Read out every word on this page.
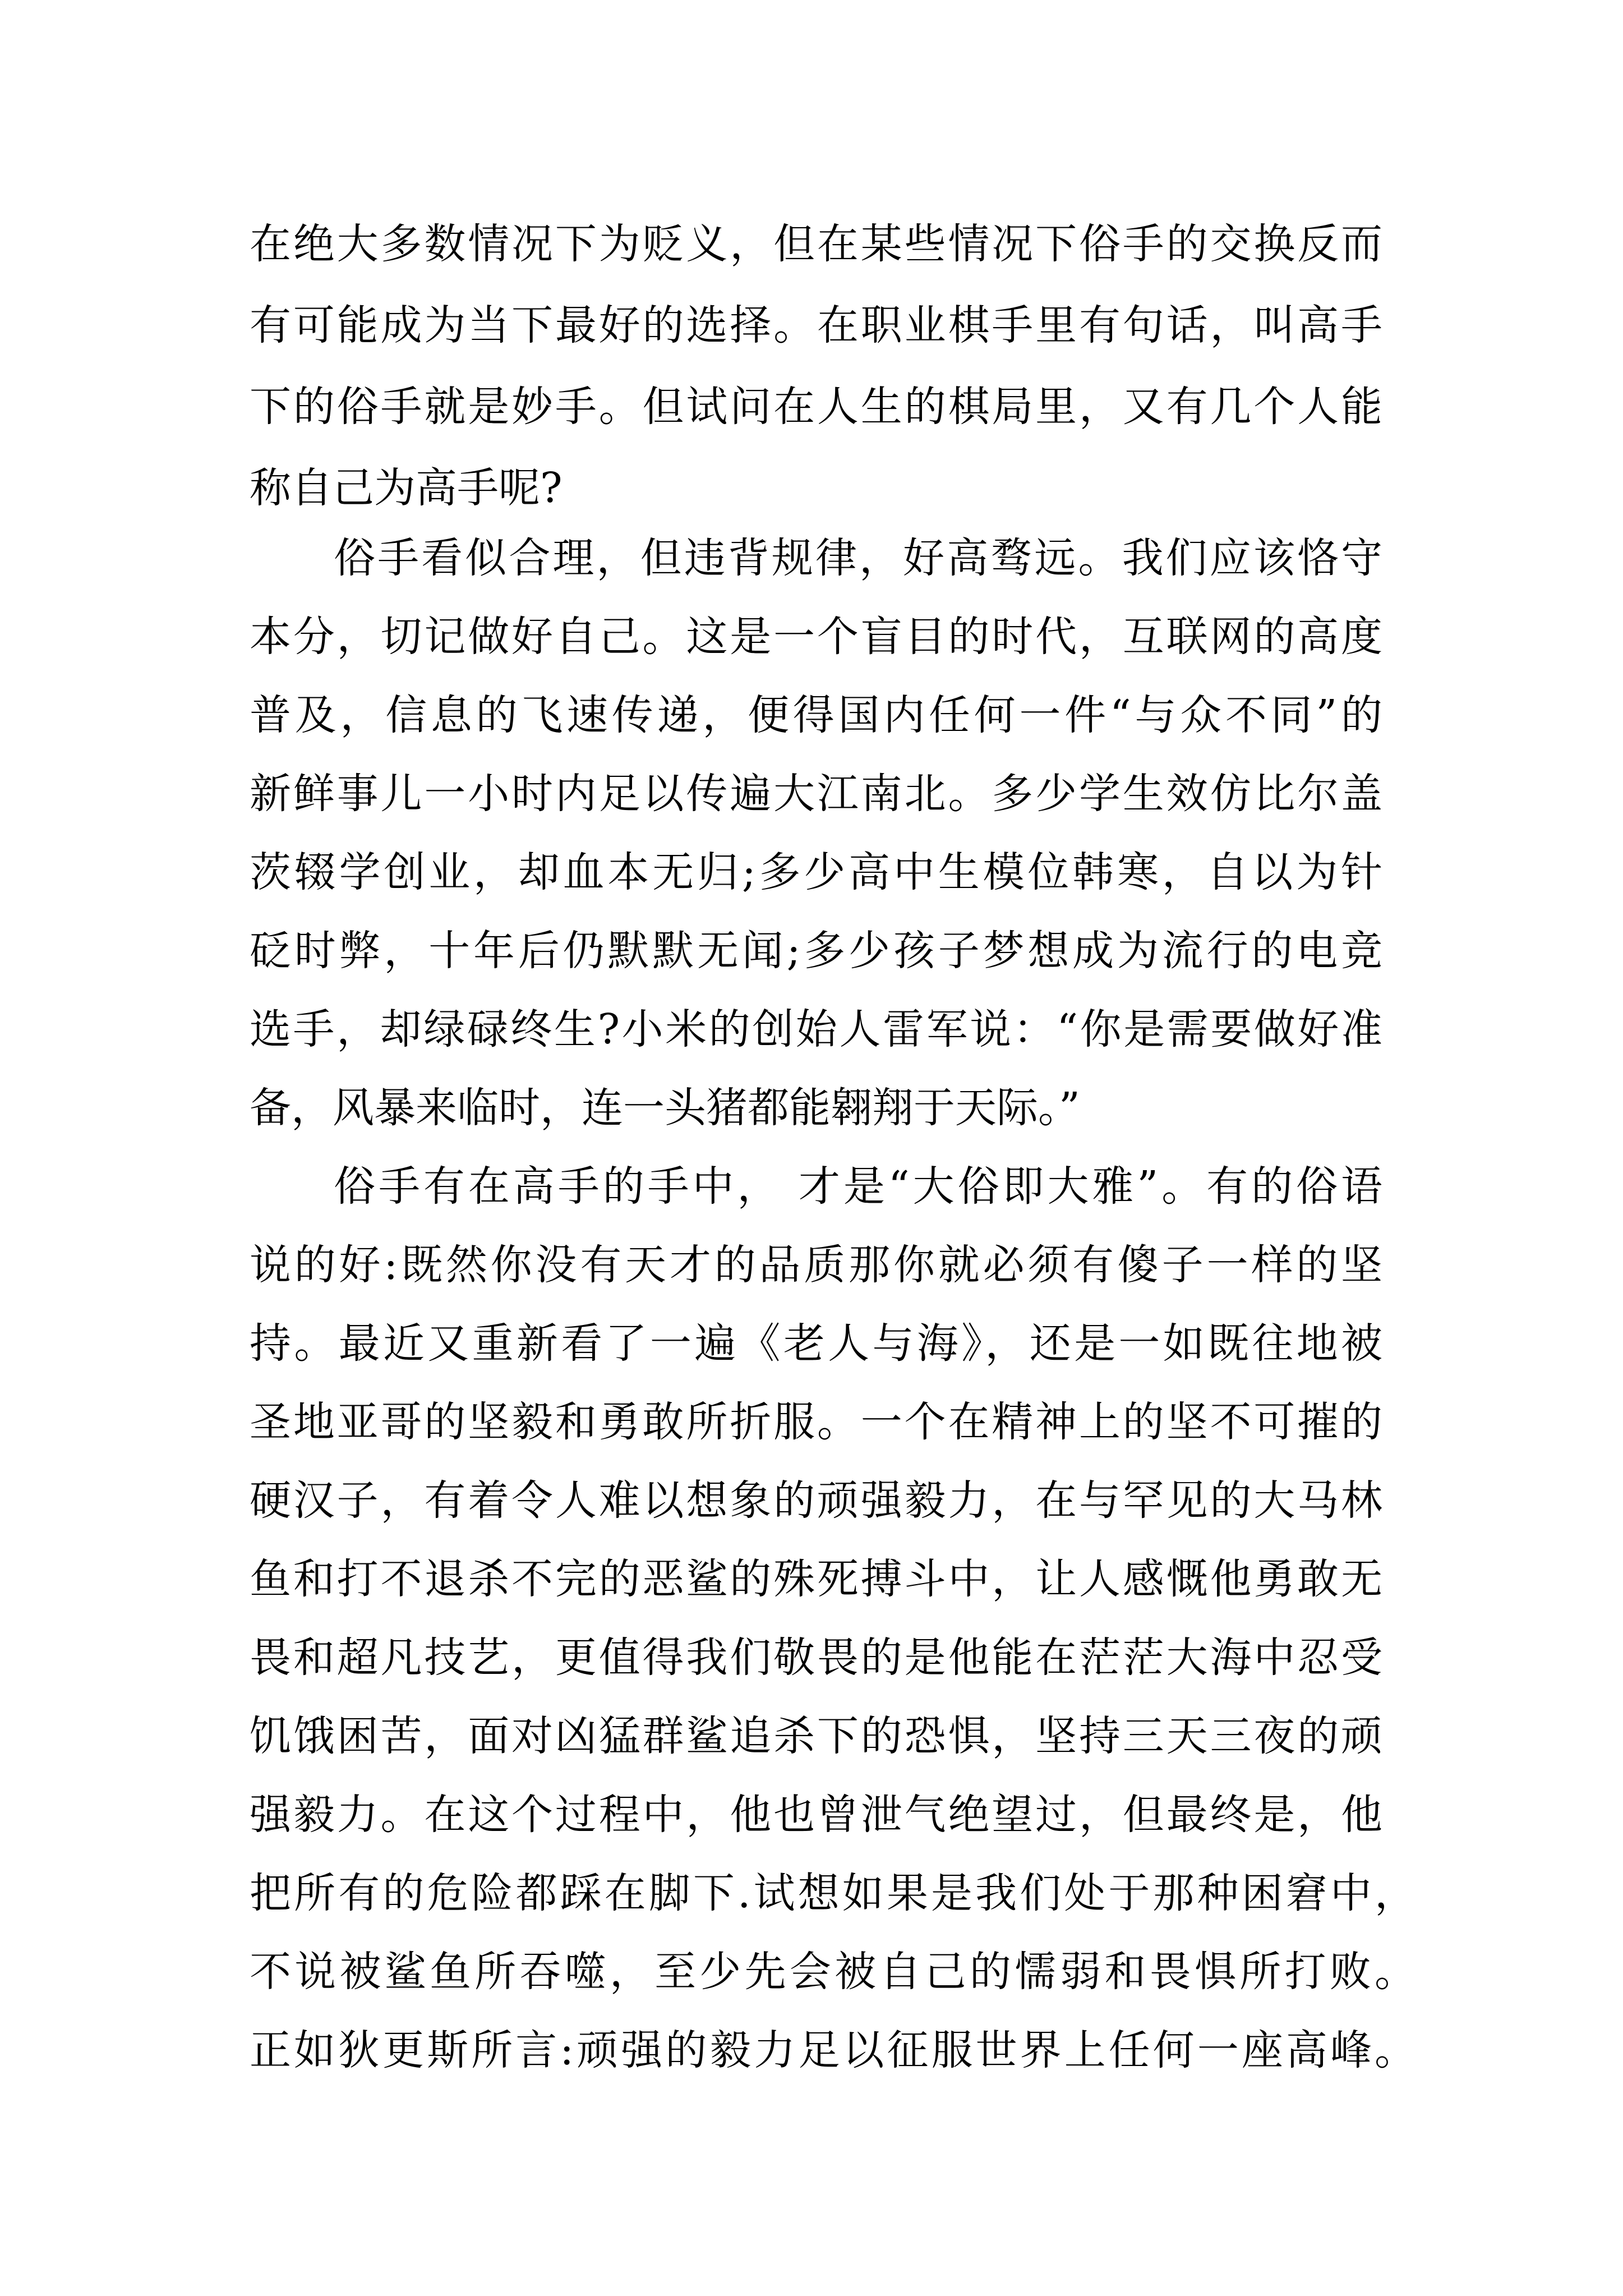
在绝大多数情况下为贬义，但在某些情况下俗手的交换反而
有可能成为当下最好的选择。在职业棋手里有句话，叫高手
下的俗手就是妙手。但试问在人生的棋局里，又有几个人能
称自己为高手呢?
俗手看似合理，但违背规律，好高骛远。我们应该恪守
本分，切记做好自己。这是一个盲目的时代，互联网的高度
普及，信息的飞速传递，便得国内任何一件“与众不同”的
新鲜事儿一小时内足以传遍大江南北。多少学生效仿比尔盖
茨辍学创业，却血本无归;多少高中生模位韩寒，自以为针
砭时弊，十年后仍默默无闻;多少孩子梦想成为流行的电竞
选手，却绿碌终生?小米的创始人雷军说：“你是需要做好准
备，风暴来临时，连一头猪都能翱翔于天际。”
俗手有在高手的手中， 才是“大俗即大雅”。有的俗语
说的好:既然你没有天才的品质那你就必须有傻子一样的坚
持。最近又重新看了一遍《老人与海》，还是一如既往地被
圣地亚哥的坚毅和勇敢所折服。一个在精神上的坚不可摧的
硬汉子，有着令人难以想象的顽强毅力，在与罕见的大马林
鱼和打不退杀不完的恶鲨的殊死搏斗中，让人感慨他勇敢无
畏和超凡技艺，更值得我们敬畏的是他能在茫茫大海中忍受
饥饿困苦，面对凶猛群鲨追杀下的恐惧，坚持三天三夜的顽
强毅力。在这个过程中，他也曾泄气绝望过，但最终是，他
把所有的危险都踩在脚下.试想如果是我们处于那种困窘中，
不说被鲨鱼所吞噬，至少先会被自己的懦弱和畏惧所打败。
正如狄更斯所言:顽强的毅力足以征服世界上任何一座高峰。
